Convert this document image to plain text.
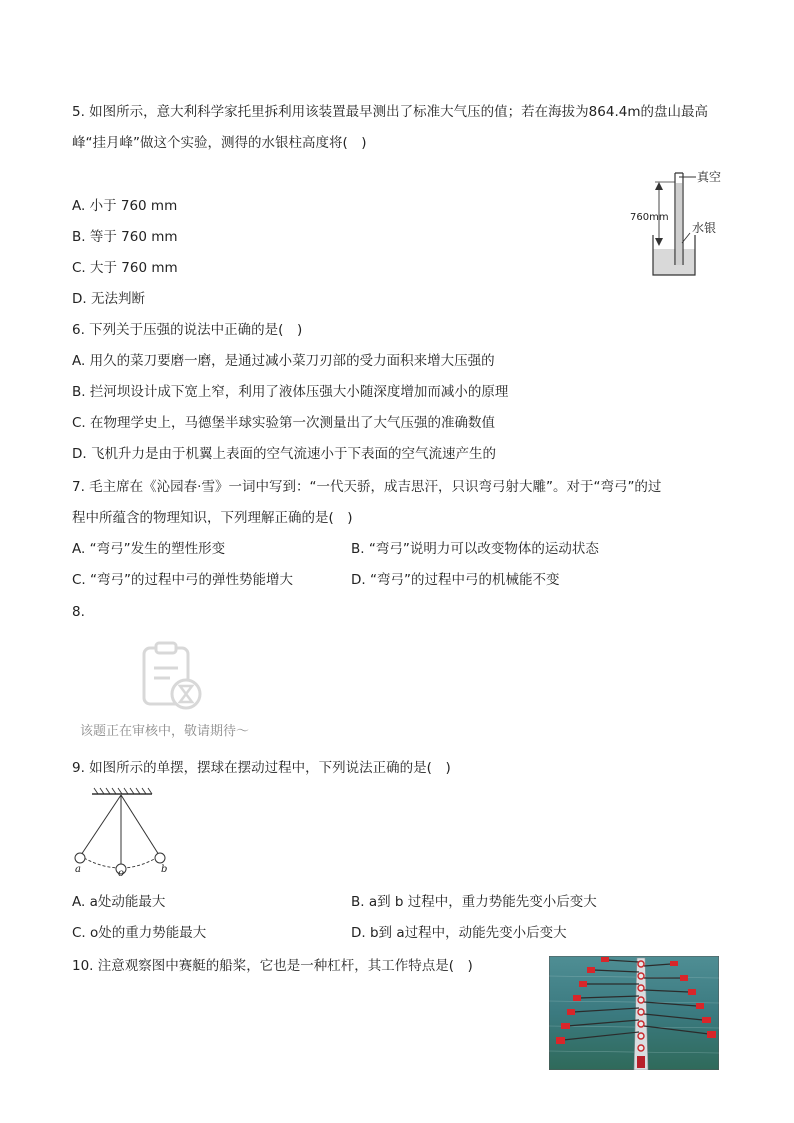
5. 如图所示，意大利科学家托里拆利用该装置最早测出了标准大气压的值；若在海拔为864.4m的盘山最高
峰“挂月峰”做这个实验，测得的水银柱高度将(　)
A. 小于 760 mm
B. 等于 760 mm
C. 大于 760 mm
D. 无法判断
真空
760mm
水银
6. 下列关于压强的说法中正确的是(　)
A. 用久的菜刀要磨一磨，是通过减小菜刀刃部的受力面积来增大压强的
B. 拦河坝设计成下宽上窄，利用了液体压强大小随深度增加而减小的原理
C. 在物理学史上，马德堡半球实验第一次测量出了大气压强的准确数值
D. 飞机升力是由于机翼上表面的空气流速小于下表面的空气流速产生的
7. 毛主席在《沁园春·雪》一词中写到：“一代天骄，成吉思汗，只识弯弓射大雕”。对于“弯弓”的过
程中所蕴含的物理知识，下列理解正确的是(　)
A. “弯弓”发生的塑性形变	B. “弯弓”说明力可以改变物体的运动状态
C. “弯弓”的过程中弓的弹性势能增大	D. “弯弓”的过程中弓的机械能不变
8.
该题正在审核中，敬请期待～
9. 如图所示的单摆，摆球在摆动过程中，下列说法正确的是(　)
a	o	b
A. a处动能最大	B. a到 b 过程中，重力势能先变小后变大
C. o处的重力势能最大	D. b到 a过程中，动能先变小后变大
10. 注意观察图中赛艇的船桨，它也是一种杠杆，其工作特点是(　)
